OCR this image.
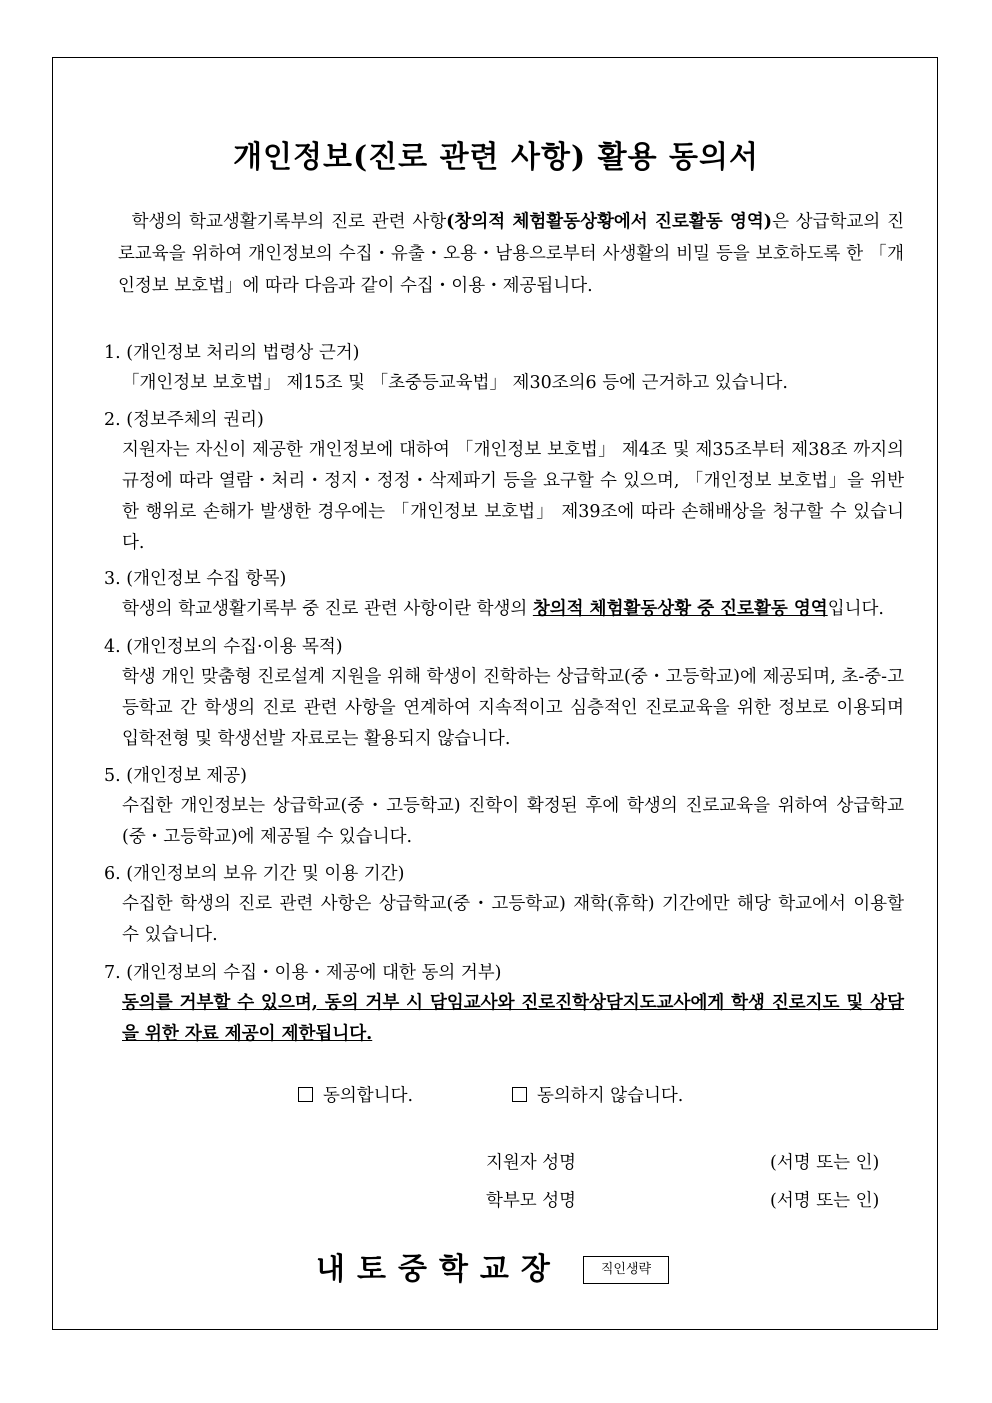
개인정보(진로 관련 사항) 활용 동의서

학생의 학교생활기록부의 진로 관련 사항(창의적 체험활동상황에서 진로활동 영역)은 상급학교의 진로교육을 위하여 개인정보의 수집・유출・오용・남용으로부터 사생활의 비밀 등을 보호하도록 한 「개인정보 보호법」에 따라 다음과 같이 수집・이용・제공됩니다.

1. (개인정보 처리의 법령상 근거)
「개인정보 보호법」 제15조 및 「초중등교육법」 제30조의6 등에 근거하고 있습니다.
2. (정보주체의 권리)
지원자는 자신이 제공한 개인정보에 대하여 「개인정보 보호법」 제4조 및 제35조부터 제38조 까지의 규정에 따라 열람・처리・정지・정정・삭제파기 등을 요구할 수 있으며, 「개인정보 보호법」을 위반한 행위로 손해가 발생한 경우에는 「개인정보 보호법」 제39조에 따라 손해배상을 청구할 수 있습니다.
3. (개인정보 수집 항목)
학생의 학교생활기록부 중 진로 관련 사항이란 학생의 창의적 체험활동상황 중 진로활동 영역입니다.
4. (개인정보의 수집·이용 목적)
학생 개인 맞춤형 진로설계 지원을 위해 학생이 진학하는 상급학교(중・고등학교)에 제공되며, 초-중-고등학교 간 학생의 진로 관련 사항을 연계하여 지속적이고 심층적인 진로교육을 위한 정보로 이용되며 입학전형 및 학생선발 자료로는 활용되지 않습니다.
5. (개인정보 제공)
수집한 개인정보는 상급학교(중・고등학교) 진학이 확정된 후에 학생의 진로교육을 위하여 상급학교(중・고등학교)에 제공될 수 있습니다.
6. (개인정보의 보유 기간 및 이용 기간)
수집한 학생의 진로 관련 사항은 상급학교(중・고등학교) 재학(휴학) 기간에만 해당 학교에서 이용할 수 있습니다.
7. (개인정보의 수집・이용・제공에 대한 동의 거부)
동의를 거부할 수 있으며, 동의 거부 시 담임교사와 진로진학상담지도교사에게 학생 진로지도 및 상담을 위한 자료 제공이 제한됩니다.
동의합니다.	동의하지 않습니다.
지원자 성명	(서명 또는 인)
학부모 성명	(서명 또는 인)
내토중학교장	직인생략
